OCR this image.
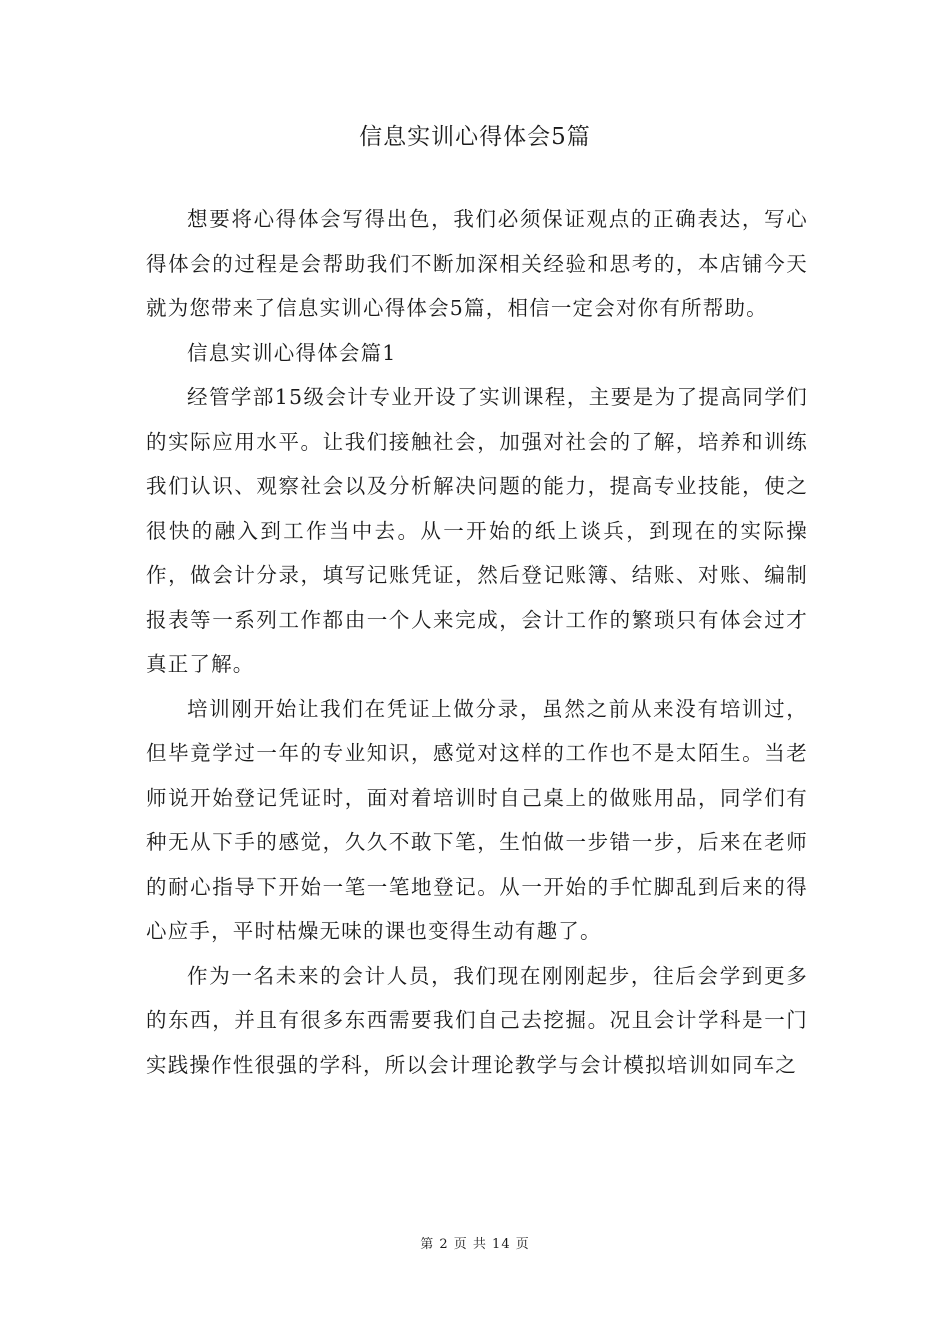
信息实训心得体会5篇

想要将心得体会写得出色，我们必须保证观点的正确表达，写心得体会的过程是会帮助我们不断加深相关经验和思考的，本店铺今天就为您带来了信息实训心得体会5篇，相信一定会对你有所帮助。

信息实训心得体会篇1

经管学部15级会计专业开设了实训课程，主要是为了提高同学们的实际应用水平。让我们接触社会，加强对社会的了解，培养和训练我们认识、观察社会以及分析解决问题的能力，提高专业技能，使之很快的融入到工作当中去。从一开始的纸上谈兵，到现在的实际操作，做会计分录，填写记账凭证，然后登记账簿、结账、对账、编制报表等一系列工作都由一个人来完成，会计工作的繁琐只有体会过才真正了解。

培训刚开始让我们在凭证上做分录，虽然之前从来没有培训过，但毕竟学过一年的专业知识，感觉对这样的工作也不是太陌生。当老师说开始登记凭证时，面对着培训时自己桌上的做账用品，同学们有种无从下手的感觉，久久不敢下笔，生怕做一步错一步，后来在老师的耐心指导下开始一笔一笔地登记。从一开始的手忙脚乱到后来的得心应手，平时枯燥无味的课也变得生动有趣了。

作为一名未来的会计人员，我们现在刚刚起步，往后会学到更多的东西，并且有很多东西需要我们自己去挖掘。况且会计学科是一门实践操作性很强的学科，所以会计理论教学与会计模拟培训如同车之

第 2 页 共 14 页
